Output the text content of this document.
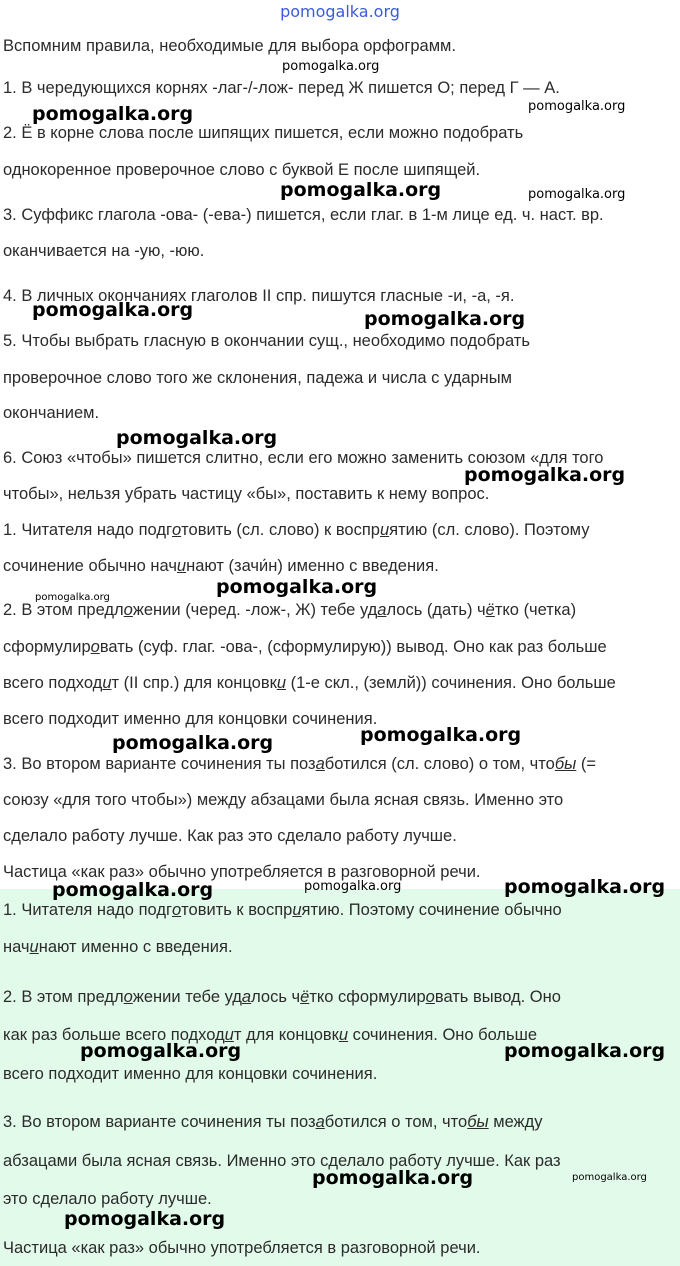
pomogalka.org
Вспомним правила, необходимые для выбора орфограмм.
1. В чередующихся корнях -лаг-/-лож- перед Ж пишется О; перед Г — А.
2. Ё в корне слова после шипящих пишется, если можно подобрать
однокоренное проверочное слово с буквой Е после шипящей.
3. Суффикс глагола -ова- (-ева-) пишется, если глаг. в 1-м лице ед. ч. наст. вр.
оканчивается на -ую, -юю.
4. В личных окончаниях глаголов II спр. пишутся гласные -и, -а, -я.
5. Чтобы выбрать гласную в окончании сущ., необходимо подобрать
проверочное слово того же склонения, падежа и числа с ударным
окончанием.
6. Союз «чтобы» пишется слитно, если его можно заменить союзом «для того
чтобы», нельзя убрать частицу «бы», поставить к нему вопрос.
1. Читателя надо подготовить (сл. слово) к восприятию (сл. слово). Поэтому
сочинение обычно начинают (зачи́н) именно с введения.
2. В этом предложении (черед. -лож-, Ж) тебе удалось (дать) чётко (четка)
сформулировать (суф. глаг. -ова-, (сформулирую)) вывод. Оно как раз больше
всего подходит (II спр.) для концовки (1-е скл., (землй)) сочинения. Оно больше
всего подходит именно для концовки сочинения.
3. Во втором варианте сочинения ты позаботился (сл. слово) о том, чтобы (=
союзу «для того чтобы») между абзацами была ясная связь. Именно это
сделало работу лучше. Как раз это сделало работу лучше.
Частица «как раз» обычно употребляется в разговорной речи.
1. Читателя надо подготовить к восприятию. Поэтому сочинение обычно
начинают именно с введения.
2. В этом предложении тебе удалось чётко сформулировать вывод. Оно
как раз больше всего подходит для концовки сочинения. Оно больше
всего подходит именно для концовки сочинения.
3. Во втором варианте сочинения ты позаботился о том, чтобы между
абзацами была ясная связь. Именно это сделало работу лучше. Как раз
это сделало работу лучше.
Частица «как раз» обычно употребляется в разговорной речи.
pomogalka.org
pomogalka.org	pomogalka.org
pomogalka.org	pomogalka.org
pomogalka.org	pomogalka.org
pomogalka.org
pomogalka.org
pomogalka.org
pomogalka.org
pomogalka.org	pomogalka.org
pomogalka.org	pomogalka.org	pomogalka.org
pomogalka.org	pomogalka.org
pomogalka.org	pomogalka.org
pomogalka.org
